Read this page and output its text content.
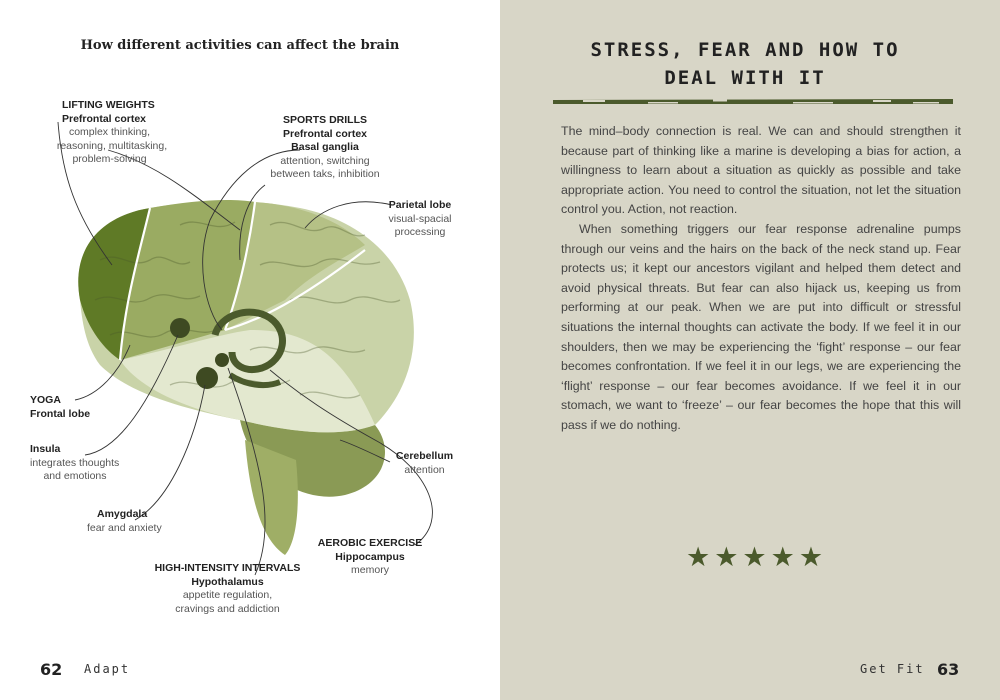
How different activities can affect the brain
LIFTING WEIGHTS
Prefrontal cortex
complex thinking,
reasoning, multitasking,
problem-solving
SPORTS DRILLS
Prefrontal cortex
Basal ganglia
attention, switching
between taks, inhibition
Parietal lobe
visual-spacial
processing
YOGA
Frontal lobe
Insula
integrates thoughts
and emotions
Amygdala
fear and anxiety
HIGH-INTENSITY INTERVALS
Hypothalamus
appetite regulation,
cravings and addiction
AEROBIC EXERCISE
Hippocampus
memory
Cerebellum
attention
62 Adapt
STRESS, FEAR AND HOW TO
DEAL WITH IT

The mind–body connection is real. We can and should strengthen it because part of thinking like a marine is developing a bias for action, a willingness to learn about a situation as quickly as possible and take appropriate action. You need to control the situation, not let the situation control you. Action, not reaction.

When something triggers our fear response adrenaline pumps through our veins and the hairs on the back of the neck stand up. Fear protects us; it kept our ancestors vigilant and helped them detect and avoid physical threats. But fear can also hijack us, keeping us from performing at our peak. When we are put into difficult or stressful situations the internal thoughts can activate the body. If we feel it in our shoulders, then we may be experiencing the ‘fight’ response – our fear becomes confrontation. If we feel it in our legs, we are experiencing the ‘flight’ response – our fear becomes avoidance. If we feel it in our stomach, we want to ‘freeze’ – our fear becomes the hope that this will pass if we do nothing.

★★★★★
Get Fit 63
